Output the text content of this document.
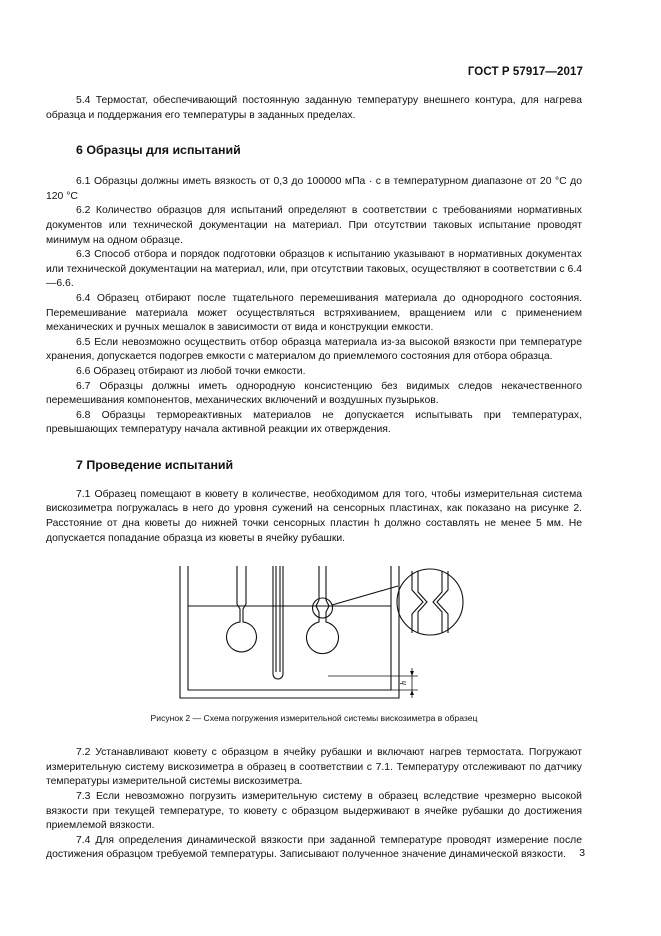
ГОСТ Р 57917—2017

5.4 Термостат, обеспечивающий постоянную заданную температуру внешнего контура, для нагрева образца и поддержания его температуры в заданных пределах.

6 Образцы для испытаний

6.1 Образцы должны иметь вязкость от 0,3 до 100000 мПа · с в температурном диапазоне от 20 °С до 120 °С

6.2 Количество образцов для испытаний определяют в соответствии с требованиями нормативных документов или технической документации на материал. При отсутствии таковых испытание проводят минимум на одном образце.

6.3 Способ отбора и порядок подготовки образцов к испытанию указывают в нормативных документах или технической документации на материал, или, при отсутствии таковых, осуществляют в соответствии с 6.4—6.6.

6.4 Образец отбирают после тщательного перемешивания материала до однородного состояния. Перемешивание материала может осуществляться встряхиванием, вращением или с применением механических и ручных мешалок в зависимости от вида и конструкции емкости.

6.5 Если невозможно осуществить отбор образца материала из-за высокой вязкости при температуре хранения, допускается подогрев емкости с материалом до приемлемого состояния для отбора образца.

6.6 Образец отбирают из любой точки емкости.

6.7 Образцы должны иметь однородную консистенцию без видимых следов некачественного перемешивания компонентов, механических включений и воздушных пузырьков.

6.8 Образцы термореактивных материалов не допускается испытывать при температурах, превышающих температуру начала активной реакции их отверждения.

7 Проведение испытаний

7.1 Образец помещают в кювету в количестве, необходимом для того, чтобы измерительная система вискозиметра погружалась в него до уровня сужений на сенсорных пластинах, как показано на рисунке 2. Расстояние от дна кюветы до нижней точки сенсорных пластин h должно составлять не менее 5 мм. Не допускается попадание образца из кюветы в ячейку рубашки.

h

Рисунок 2 — Схема погружения измерительной системы вискозиметра в образец

7.2 Устанавливают кювету с образцом в ячейку рубашки и включают нагрев термостата. Погружают измерительную систему вискозиметра в образец в соответствии с 7.1. Температуру отслеживают по датчику температуры измерительной системы вискозиметра.

7.3 Если невозможно погрузить измерительную систему в образец вследствие чрезмерно высокой вязкости при текущей температуре, то кювету с образцом выдерживают в ячейке рубашки до достижения приемлемой вязкости.

7.4 Для определения динамической вязкости при заданной температуре проводят измерение после достижения образцом требуемой температуры. Записывают полученное значение динамической вязкости.	3
